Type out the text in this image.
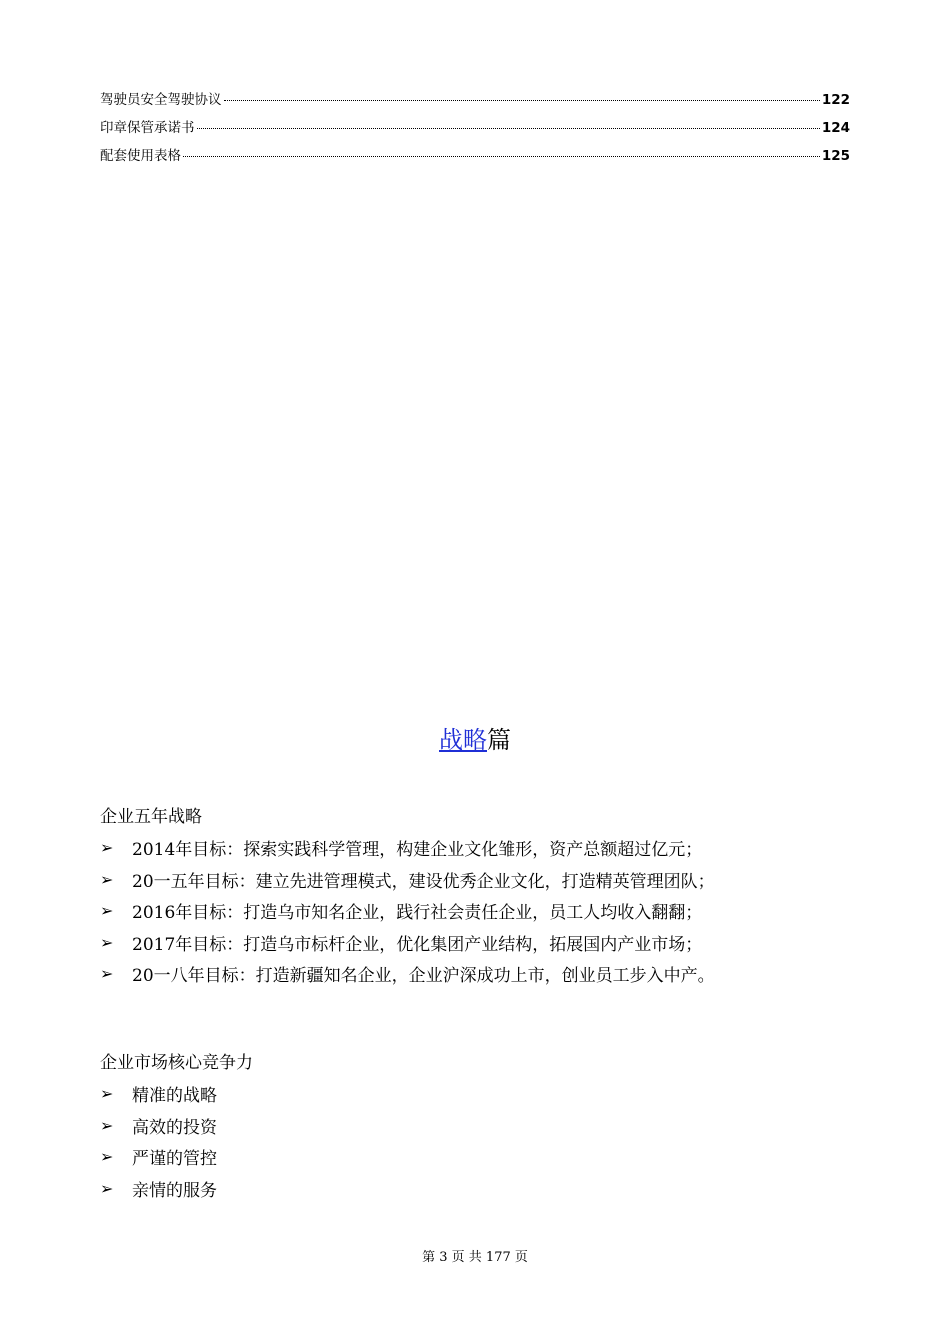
驾驶员安全驾驶协议	122
印章保管承诺书	124
配套使用表格	125
战略篇
企业五年战略
➢	2014年目标：探索实践科学管理，构建企业文化雏形，资产总额超过亿元；
➢	20一五年目标：建立先进管理模式，建设优秀企业文化，打造精英管理团队；
➢	2016年目标：打造乌市知名企业，践行社会责任企业，员工人均收入翻翻；
➢	2017年目标：打造乌市标杆企业，优化集团产业结构，拓展国内产业市场；
➢	20一八年目标：打造新疆知名企业，企业沪深成功上市，创业员工步入中产。
企业市场核心竞争力
➢	精准的战略
➢	高效的投资
➢	严谨的管控
➢	亲情的服务
第 3 页 共 177 页
